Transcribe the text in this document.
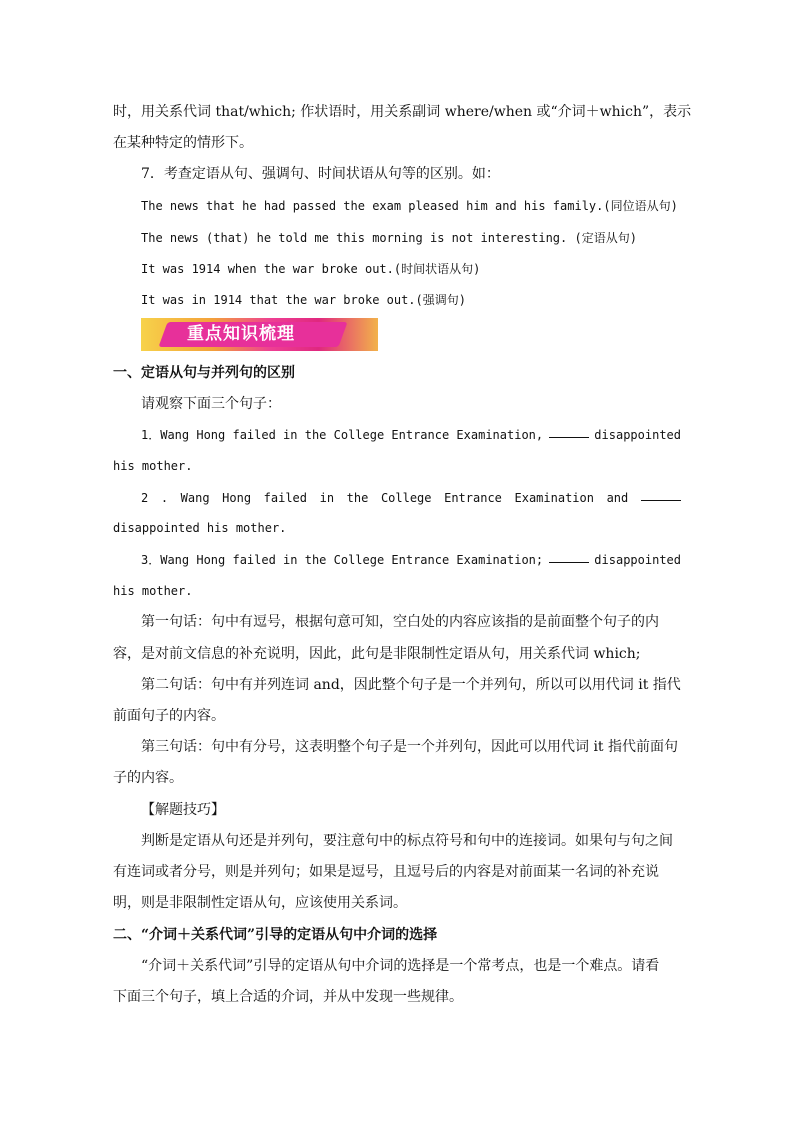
时，用关系代词 that/which; 作状语时，用关系副词 where/when 或“介词＋which”，表示
在某种特定的情形下。
7．考查定语从句、强调句、时间状语从句等的区别。如：
The news that he had passed the exam pleased him and his family.(同位语从句)
The news (that) he told me this morning is not interesting. (定语从句)
It was 1914 when the war broke out.(时间状语从句)
It was in 1914 that the war broke out.(强调句)
重点知识梳理
一、定语从句与并列句的区别
请观察下面三个句子：
1．Wang Hong failed in the College Entrance Examination,	disappointed
his mother.
2 . Wang Hong failed in the College Entrance Examination and
disappointed his mother.
3．Wang Hong failed in the College Entrance Examination;	disappointed
his mother.
第一句话：句中有逗号，根据句意可知，空白处的内容应该指的是前面整个句子的内
容，是对前文信息的补充说明，因此，此句是非限制性定语从句，用关系代词 which;
第二句话：句中有并列连词 and，因此整个句子是一个并列句，所以可以用代词 it 指代
前面句子的内容。
第三句话：句中有分号，这表明整个句子是一个并列句，因此可以用代词 it 指代前面句
子的内容。
【解题技巧】
判断是定语从句还是并列句，要注意句中的标点符号和句中的连接词。如果句与句之间
有连词或者分号，则是并列句；如果是逗号，且逗号后的内容是对前面某一名词的补充说
明，则是非限制性定语从句，应该使用关系词。
二、“介词＋关系代词”引导的定语从句中介词的选择
“介词＋关系代词”引导的定语从句中介词的选择是一个常考点，也是一个难点。请看
下面三个句子，填上合适的介词，并从中发现一些规律。
